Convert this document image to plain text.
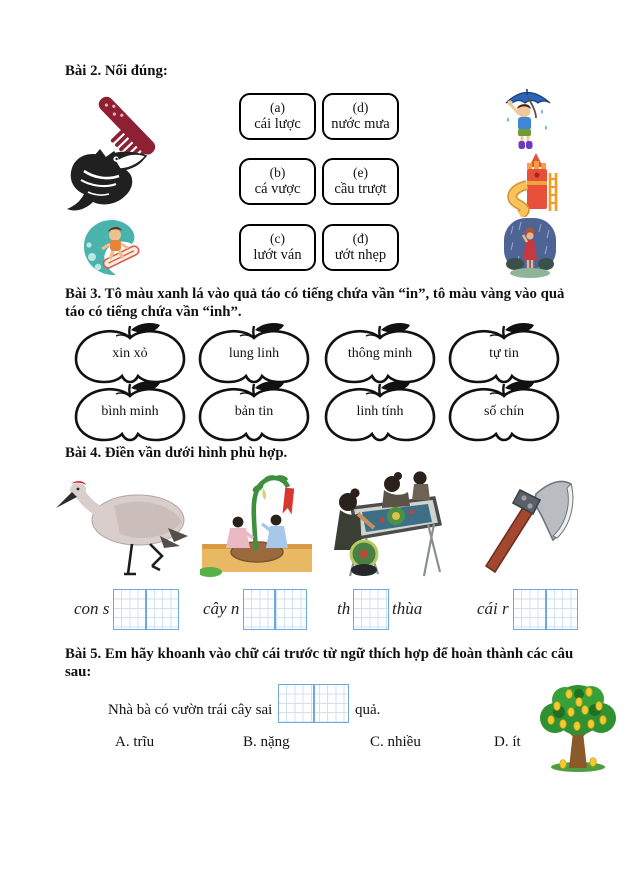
Bài 2. Nối đúng:
(a)
cái lược
(d)
nước mưa
(b)
cá vược
(e)
cầu trượt
(c)
lướt ván
(đ)
ướt nhẹp
Bài 3. Tô màu xanh lá vào quả táo có tiếng chứa vần “in”, tô màu vàng vào quả táo có tiếng chứa vần “inh”.
xin xỏ	lung linh	thông minh	tự tin
bình minh	bản tin	linh tính	số chín
Bài 4. Điền vần dưới hình phù hợp.
con s	cây n	th thùa	cái r
Bài 5. Em hãy khoanh vào chữ cái trước từ ngữ thích hợp để hoàn thành các câu sau:
Nhà bà có vườn trái cây sai	quả.
A. trĩu	B. nặng	C. nhiều	D. ít
